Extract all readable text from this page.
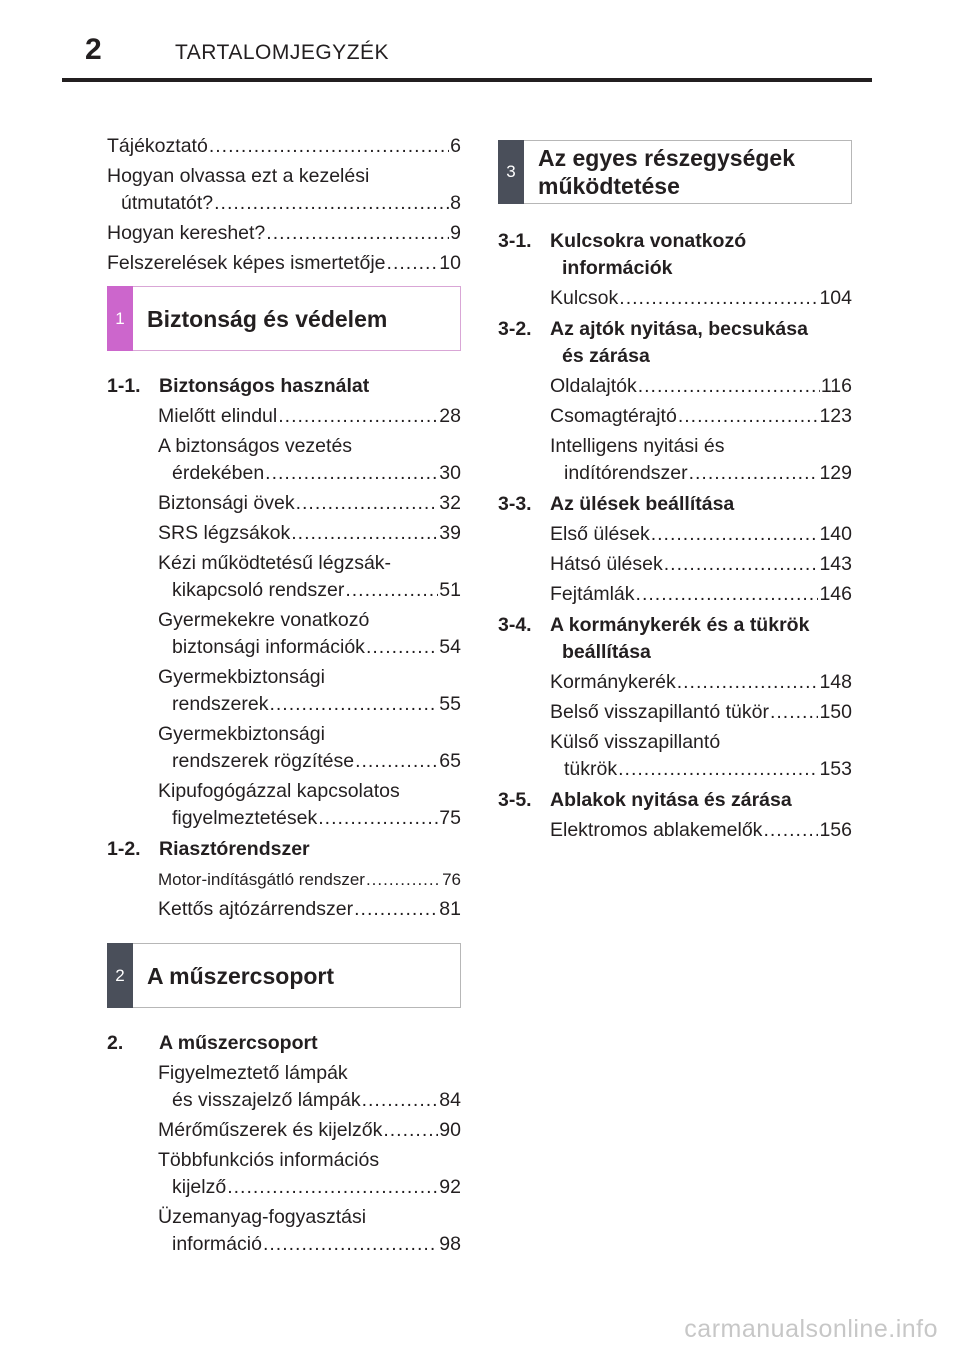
2	TARTALOMJEGYZÉK
Tájékoztató .....	6
Hogyan olvassa ezt a kezelési
útmutatót? .....	8
Hogyan kereshet? .....	9
Felszerelések képes ismertetője .....	10
1 Biztonság és védelem
1-1. Biztonságos használat
Mielőtt elindul .....	28
A biztonságos vezetés
érdekében .....	30
Biztonsági övek .....	32
SRS légzsákok .....	39
Kézi működtetésű légzsák-
kikapcsoló rendszer .....	51
Gyermekekre vonatkozó
biztonsági információk .....	54
Gyermekbiztonsági
rendszerek .....	55
Gyermekbiztonsági
rendszerek rögzítése .....	65
Kipufogógázzal kapcsolatos
figyelmeztetések .....	75
1-2. Riasztórendszer
Motor-indításgátló rendszer .....	76
Kettős ajtózárrendszer .....	81
2 A műszercsoport
2.	A műszercsoport
Figyelmeztető lámpák
és visszajelző lámpák .....	84
Mérőműszerek és kijelzők .....	90
Többfunkciós információs
kijelző .....	92
Üzemanyag-fogyasztási
információ .....	98
3
Az egyes részegységek
működtetése
3-1. Kulcsokra vonatkozó
információk
Kulcsok .....	104
3-2. Az ajtók nyitása, becsukása
és zárása
Oldalajtók .....	116
Csomagtérajtó .....	123
Intelligens nyitási és
indítórendszer .....	129
3-3. Az ülések beállítása
Első ülések .....	140
Hátsó ülések .....	143
Fejtámlák .....	146
3-4. A kormánykerék és a tükrök
beállítása
Kormánykerék .....	148
Belső visszapillantó tükör .....	150
Külső visszapillantó
tükrök .....	153
3-5. Ablakok nyitása és zárása
Elektromos ablakemelők .....	156
carmanualsonline.info
